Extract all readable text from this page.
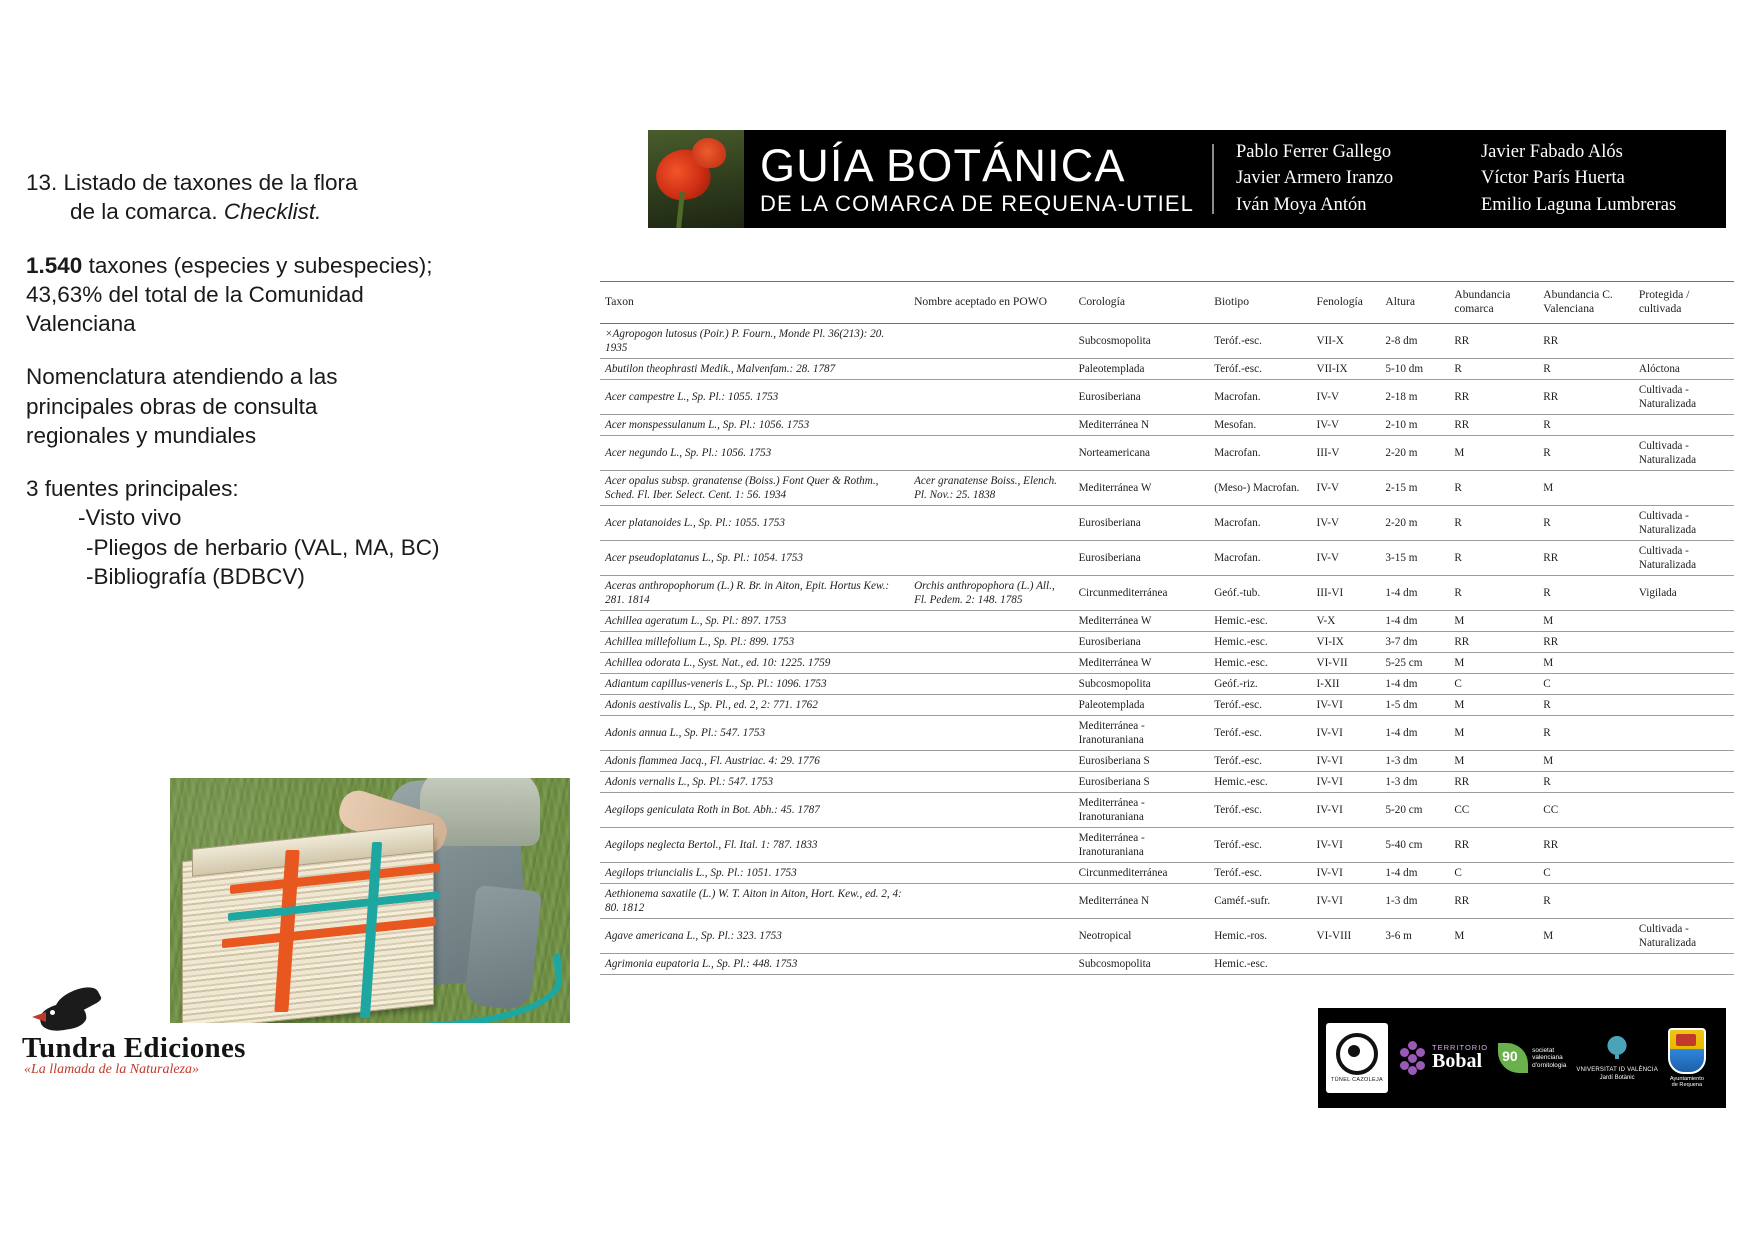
13. Listado de taxones de la flora
de la comarca. Checklist.

1.540 taxones (especies y subespecies);
43,63% del total de la Comunidad
Valenciana

Nomenclatura atendiendo a las
principales obras de consulta
regionales y mundiales

3 fuentes principales:
-Visto vivo
-Pliegos de herbario (VAL, MA, BC)
-Bibliografía (BDBCV)

Tundra Ediciones
«La llamada de la Naturaleza»
GUÍA BOTÁNICA
DE LA COMARCA DE REQUENA-UTIEL
Pablo Ferrer Gallego	Javier Fabado Alós
Javier Armero Iranzo	Víctor París Huerta
Iván Moya Antón	Emilio Laguna Lumbreras
Taxon	Nombre aceptado en POWO	Corología	Biotipo	Fenología	Altura	Abundancia comarca	Abundancia C. Valenciana	Protegida / cultivada
×Agropogon lutosus (Poir.) P. Fourn., Monde Pl. 36(213): 20. 1935		Subcosmopolita	Teróf.-esc.	VII-X	2-8 dm	RR	RR	
Abutilon theophrasti Medik., Malvenfam.: 28. 1787		Paleotemplada	Teróf.-esc.	VII-IX	5-10 dm	R	R	Alóctona
Acer campestre L., Sp. Pl.: 1055. 1753		Eurosiberiana	Macrofan.	IV-V	2-18 m	RR	RR	Cultivada -Naturalizada
Acer monspessulanum L., Sp. Pl.: 1056. 1753		Mediterránea N	Mesofan.	IV-V	2-10 m	RR	R	
Acer negundo L., Sp. Pl.: 1056. 1753		Norteamericana	Macrofan.	III-V	2-20 m	M	R	Cultivada -Naturalizada
Acer opalus subsp. granatense (Boiss.) Font Quer & Rothm., Sched. Fl. Iber. Select. Cent. 1: 56. 1934	Acer granatense Boiss., Elench. Pl. Nov.: 25. 1838	Mediterránea W	(Meso-) Macrofan.	IV-V	2-15 m	R	M	
Acer platanoides L., Sp. Pl.: 1055. 1753		Eurosiberiana	Macrofan.	IV-V	2-20 m	R	R	Cultivada -Naturalizada
Acer pseudoplatanus L., Sp. Pl.: 1054. 1753		Eurosiberiana	Macrofan.	IV-V	3-15 m	R	RR	Cultivada -Naturalizada
Aceras anthropophorum (L.) R. Br. in Aiton, Epit. Hortus Kew.: 281. 1814	Orchis anthropophora (L.) All., Fl. Pedem. 2: 148. 1785	Circunmediterránea	Geóf.-tub.	III-VI	1-4 dm	R	R	Vigilada
Achillea ageratum L., Sp. Pl.: 897. 1753		Mediterránea W	Hemic.-esc.	V-X	1-4 dm	M	M	
Achillea millefolium L., Sp. Pl.: 899. 1753		Eurosiberiana	Hemic.-esc.	VI-IX	3-7 dm	RR	RR	
Achillea odorata L., Syst. Nat., ed. 10: 1225. 1759		Mediterránea W	Hemic.-esc.	VI-VII	5-25 cm	M	M	
Adiantum capillus-veneris L., Sp. Pl.: 1096. 1753		Subcosmopolita	Geóf.-riz.	I-XII	1-4 dm	C	C	
Adonis aestivalis L., Sp. Pl., ed. 2, 2: 771. 1762		Paleotemplada	Teróf.-esc.	IV-VI	1-5 dm	M	R	
Adonis annua L., Sp. Pl.: 547. 1753		Mediterránea -Iranoturaniana	Teróf.-esc.	IV-VI	1-4 dm	M	R	
Adonis flammea Jacq., Fl. Austriac. 4: 29. 1776		Eurosiberiana S	Teróf.-esc.	IV-VI	1-3 dm	M	M	
Adonis vernalis L., Sp. Pl.: 547. 1753		Eurosiberiana S	Hemic.-esc.	IV-VI	1-3 dm	RR	R	
Aegilops geniculata Roth in Bot. Abh.: 45. 1787		Mediterránea -Iranoturaniana	Teróf.-esc.	IV-VI	5-20 cm	CC	CC	
Aegilops neglecta Bertol., Fl. Ital. 1: 787. 1833		Mediterránea -Iranoturaniana	Teróf.-esc.	IV-VI	5-40 cm	RR	RR	
Aegilops triuncialis L., Sp. Pl.: 1051. 1753		Circunmediterránea	Teróf.-esc.	IV-VI	1-4 dm	C	C	
Aethionema saxatile (L.) W. T. Aiton in Aiton, Hort. Kew., ed. 2, 4: 80. 1812		Mediterránea N	Caméf.-sufr.	IV-VI	1-3 dm	RR	R	
Agave americana L., Sp. Pl.: 323. 1753		Neotropical	Hemic.-ros.	VI-VIII	3-6 m	M	M	Cultivada -Naturalizada
Agrimonia eupatoria L., Sp. Pl.: 448. 1753		Subcosmopolita	Hemic.-esc.					
TÚNEL CAZOLEJA
TERRITORIO
Bobal 90	societat
valenciana
d'ornitologia
VNIVERSITAT ID VALÈNCIA
Jardí Botànic	Ayuntamiento
de Requena
